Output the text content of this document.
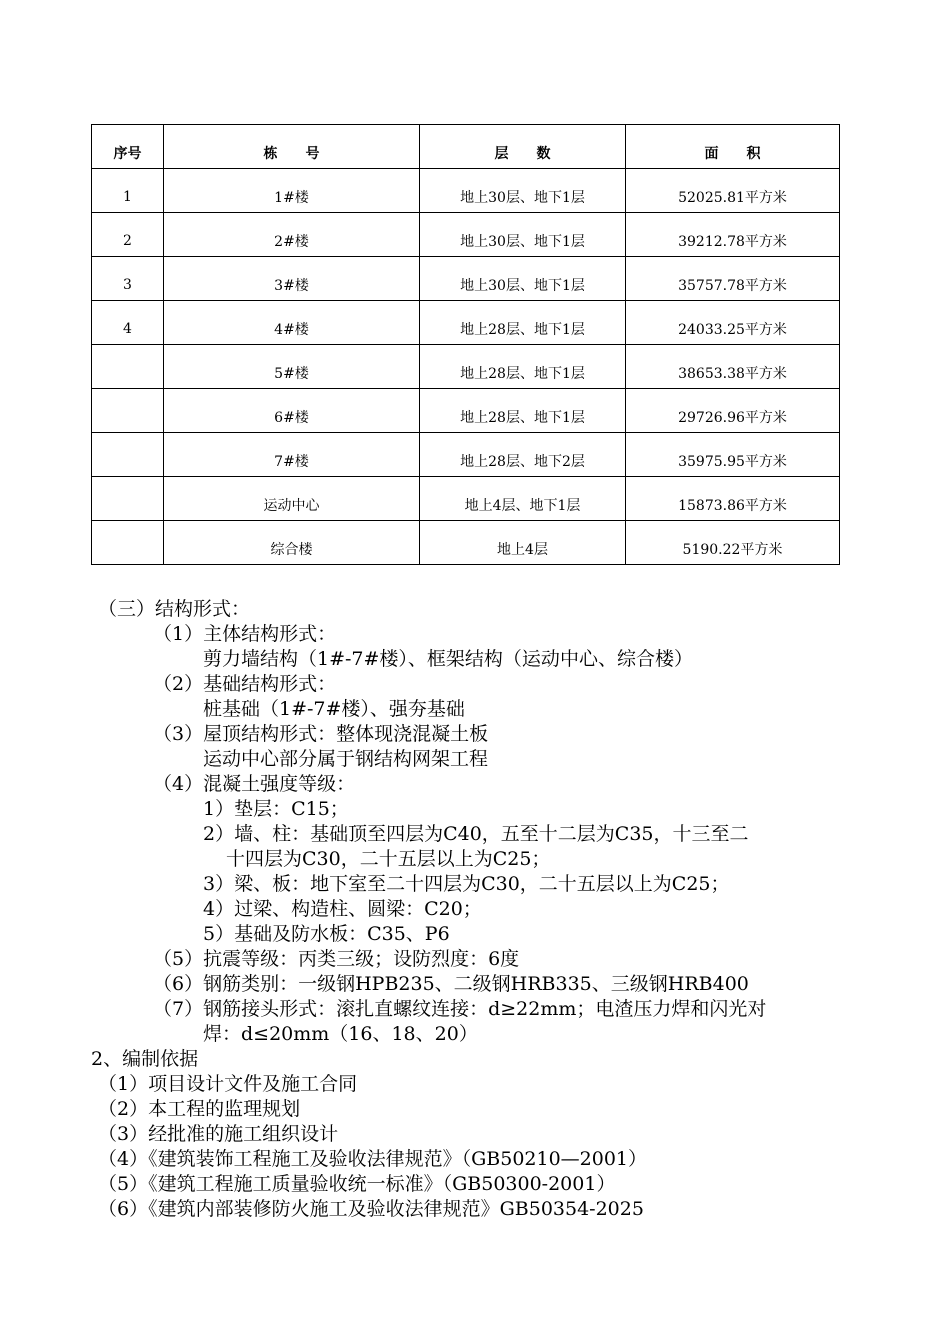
序号	栋　　号	层　　数	面　　积
1	1#楼	地上30层、地下1层	52025.81平方米
2	2#楼	地上30层、地下1层	39212.78平方米
3	3#楼	地上30层、地下1层	35757.78平方米
4	4#楼	地上28层、地下1层	24033.25平方米
	5#楼	地上28层、地下1层	38653.38平方米
	6#楼	地上28层、地下1层	29726.96平方米
	7#楼	地上28层、地下2层	35975.95平方米
	运动中心	地上4层、地下1层	15873.86平方米
	综合楼	地上4层	5190.22平方米
（三）结构形式：
（1）主体结构形式：
剪力墙结构（1#-7#楼）、框架结构（运动中心、综合楼）
（2）基础结构形式：
桩基础（1#-7#楼）、强夯基础
（3）屋顶结构形式：整体现浇混凝土板
运动中心部分属于钢结构网架工程
（4）混凝土强度等级：
1）垫层：C15；
2）墙、柱：基础顶至四层为C40，五至十二层为C35，十三至二
十四层为C30，二十五层以上为C25；
3）梁、板：地下室至二十四层为C30，二十五层以上为C25；
4）过梁、构造柱、圆梁：C20；
5）基础及防水板：C35、P6
（5）抗震等级：丙类三级；设防烈度：6度
（6）钢筋类别：一级钢HPB235、二级钢HRB335、三级钢HRB400
（7）钢筋接头形式：滚扎直螺纹连接：d≥22mm；电渣压力焊和闪光对
焊：d≤20mm（16、18、20）
2、编制依据
（1）项目设计文件及施工合同
（2）本工程的监理规划
（3）经批准的施工组织设计
（4）《建筑装饰工程施工及验收法律规范》（GB50210—2001）
（5）《建筑工程施工质量验收统一标准》（GB50300-2001）
（6）《建筑内部装修防火施工及验收法律规范》GB50354-2025
